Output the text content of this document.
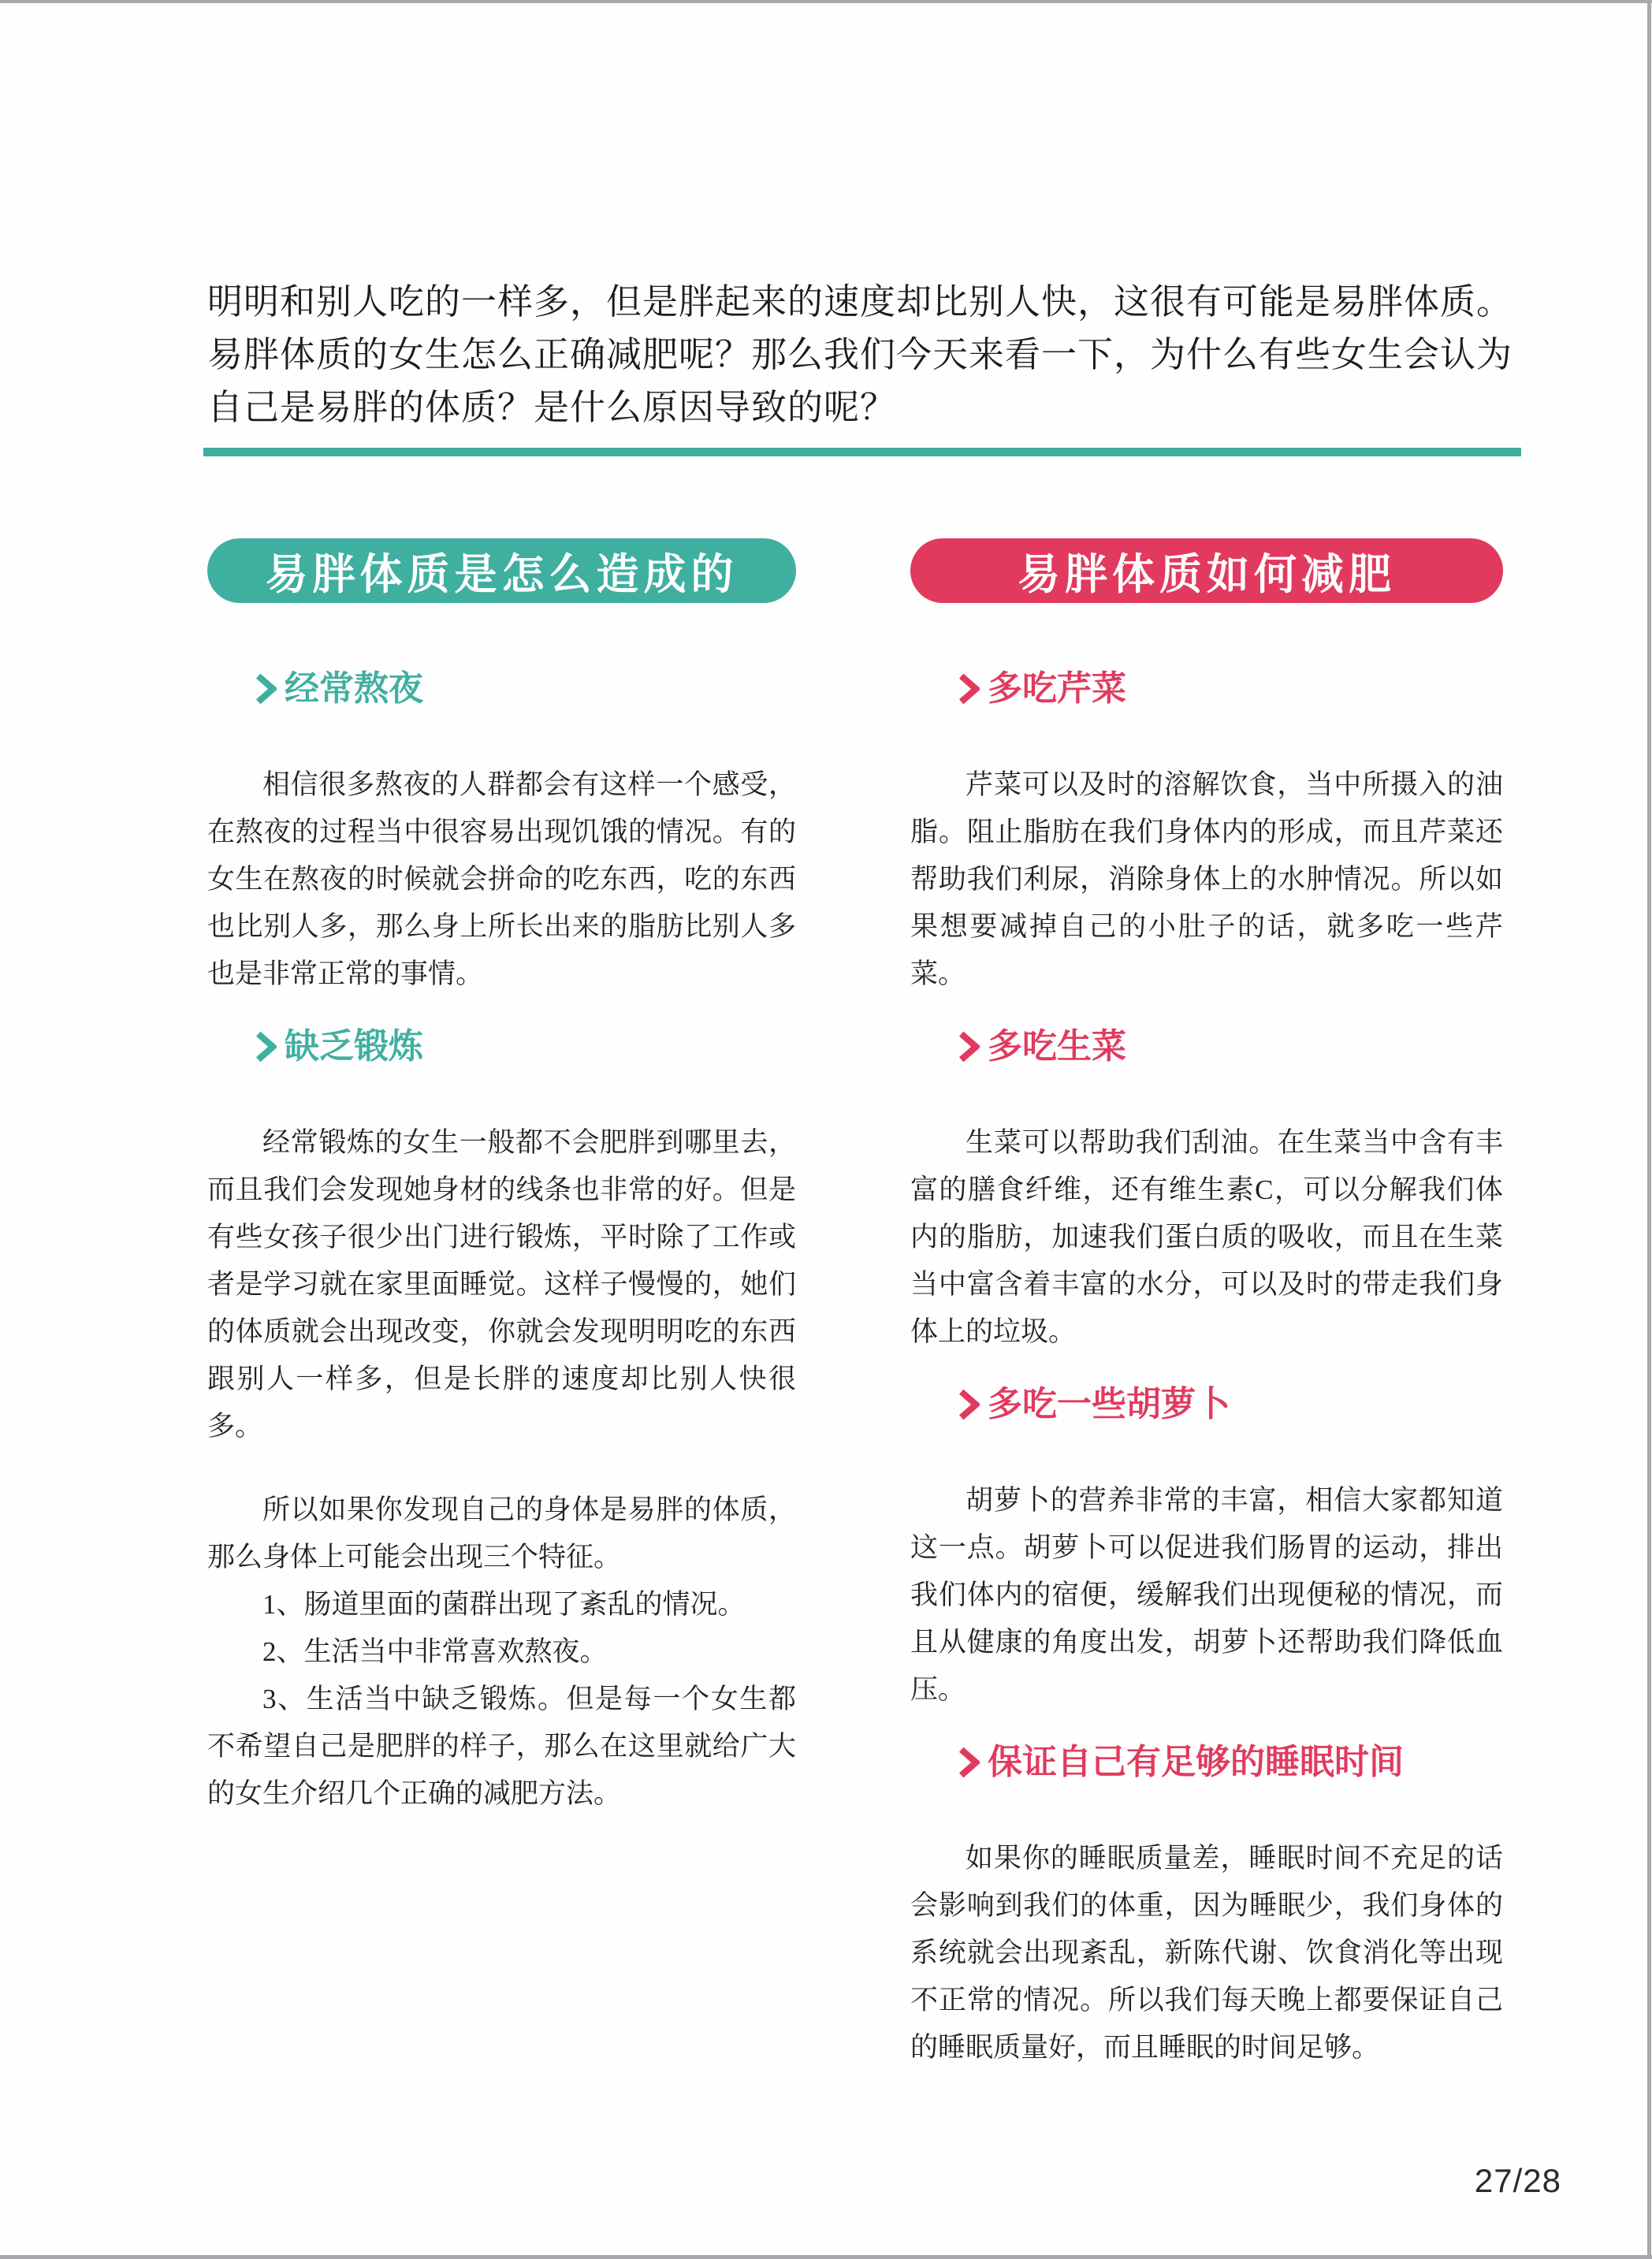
明明和别人吃的一样多，但是胖起来的速度却比别人快，这很有可能是易胖体质。易胖体质的女生怎么正确减肥呢？那么我们今天来看一下，为什么有些女生会认为自己是易胖的体质？是什么原因导致的呢？
易胖体质是怎么造成的
经常熬夜

相信很多熬夜的人群都会有这样一个感受，在熬夜的过程当中很容易出现饥饿的情况。有的女生在熬夜的时候就会拼命的吃东西，吃的东西也比别人多，那么身上所长出来的脂肪比别人多也是非常正常的事情。

缺乏锻炼

经常锻炼的女生一般都不会肥胖到哪里去，而且我们会发现她身材的线条也非常的好。但是有些女孩子很少出门进行锻炼，平时除了工作或者是学习就在家里面睡觉。这样子慢慢的，她们的体质就会出现改变，你就会发现明明吃的东西跟别人一样多，但是长胖的速度却比别人快很多。

所以如果你发现自己的身体是易胖的体质，那么身体上可能会出现三个特征。

1、肠道里面的菌群出现了紊乱的情况。

2、生活当中非常喜欢熬夜。

3、生活当中缺乏锻炼。但是每一个女生都不希望自己是肥胖的样子，那么在这里就给广大的女生介绍几个正确的减肥方法。

易胖体质如何减肥
多吃芹菜

芹菜可以及时的溶解饮食，当中所摄入的油脂。阻止脂肪在我们身体内的形成，而且芹菜还帮助我们利尿，消除身体上的水肿情况。所以如果想要减掉自己的小肚子的话，就多吃一些芹菜。

多吃生菜

生菜可以帮助我们刮油。在生菜当中含有丰富的膳食纤维，还有维生素C，可以分解我们体内的脂肪，加速我们蛋白质的吸收，而且在生菜当中富含着丰富的水分，可以及时的带走我们身体上的垃圾。

多吃一些胡萝卜

胡萝卜的营养非常的丰富，相信大家都知道这一点。胡萝卜可以促进我们肠胃的运动，排出我们体内的宿便，缓解我们出现便秘的情况，而且从健康的角度出发，胡萝卜还帮助我们降低血压。

保证自己有足够的睡眠时间

如果你的睡眠质量差，睡眠时间不充足的话会影响到我们的体重，因为睡眠少，我们身体的系统就会出现紊乱，新陈代谢、饮食消化等出现不正常的情况。所以我们每天晚上都要保证自己的睡眠质量好，而且睡眠的时间足够。

27/28
